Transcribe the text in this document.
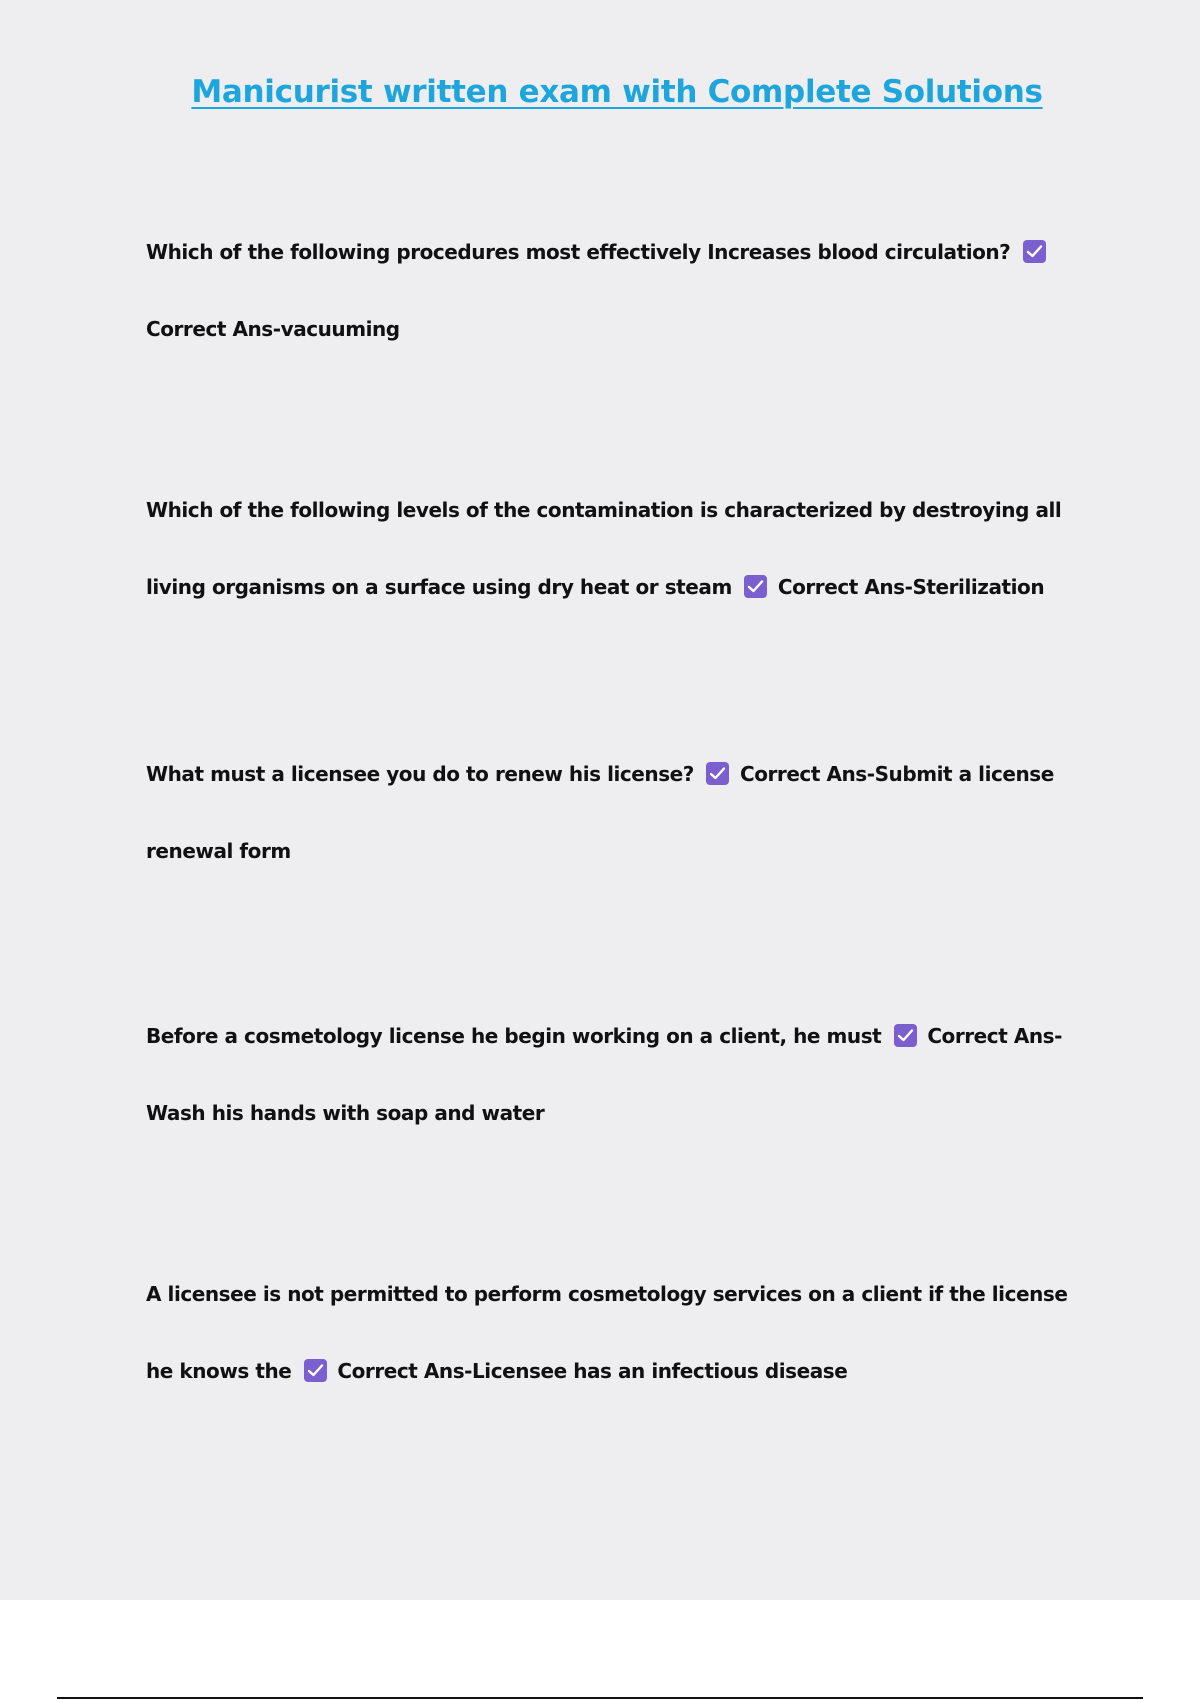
Manicurist written exam with Complete Solutions
Which of the following procedures most effectively Increases blood circulation?
Correct Ans-vacuuming
Which of the following levels of the contamination is characterized by destroying all living organisms on a surface using dry heat or steam Correct Ans-Sterilization
What must a licensee you do to renew his license? Correct Ans-Submit a license renewal form
Before a cosmetology license he begin working on a client, he must Correct Ans-Wash his hands with soap and water
A licensee is not permitted to perform cosmetology services on a client if the license he knows the Correct Ans-Licensee has an infectious disease
